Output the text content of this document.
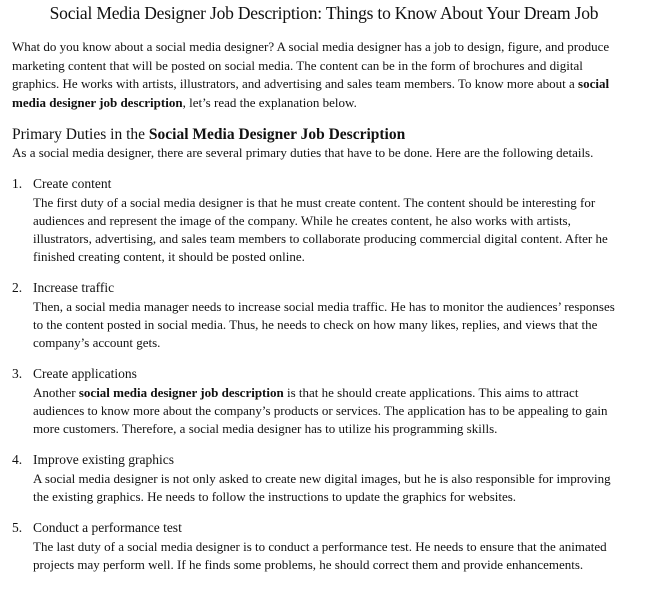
Social Media Designer Job Description: Things to Know About Your Dream Job

What do you know about a social media designer? A social media designer has a job to design, figure, and produce marketing content that will be posted on social media. The content can be in the form of brochures and digital graphics. He works with artists, illustrators, and advertising and sales team members. To know more about a social media designer job description, let’s read the explanation below.

Primary Duties in the Social Media Designer Job Description

As a social media designer, there are several primary duties that have to be done. Here are the following details.

1. Create content

The first duty of a social media designer is that he must create content. The content should be interesting for audiences and represent the image of the company. While he creates content, he also works with artists, illustrators, advertising, and sales team members to collaborate producing commercial digital content. After he finished creating content, it should be posted online.

2. Increase traffic

Then, a social media manager needs to increase social media traffic. He has to monitor the audiences’ responses to the content posted in social media. Thus, he needs to check on how many likes, replies, and views that the company’s account gets.

3. Create applications

Another social media designer job description is that he should create applications. This aims to attract audiences to know more about the company’s products or services. The application has to be appealing to gain more customers. Therefore, a social media designer has to utilize his programming skills.

4. Improve existing graphics

A social media designer is not only asked to create new digital images, but he is also responsible for improving the existing graphics. He needs to follow the instructions to update the graphics for websites.

5. Conduct a performance test

The last duty of a social media designer is to conduct a performance test. He needs to ensure that the animated projects may perform well. If he finds some problems, he should correct them and provide enhancements.
